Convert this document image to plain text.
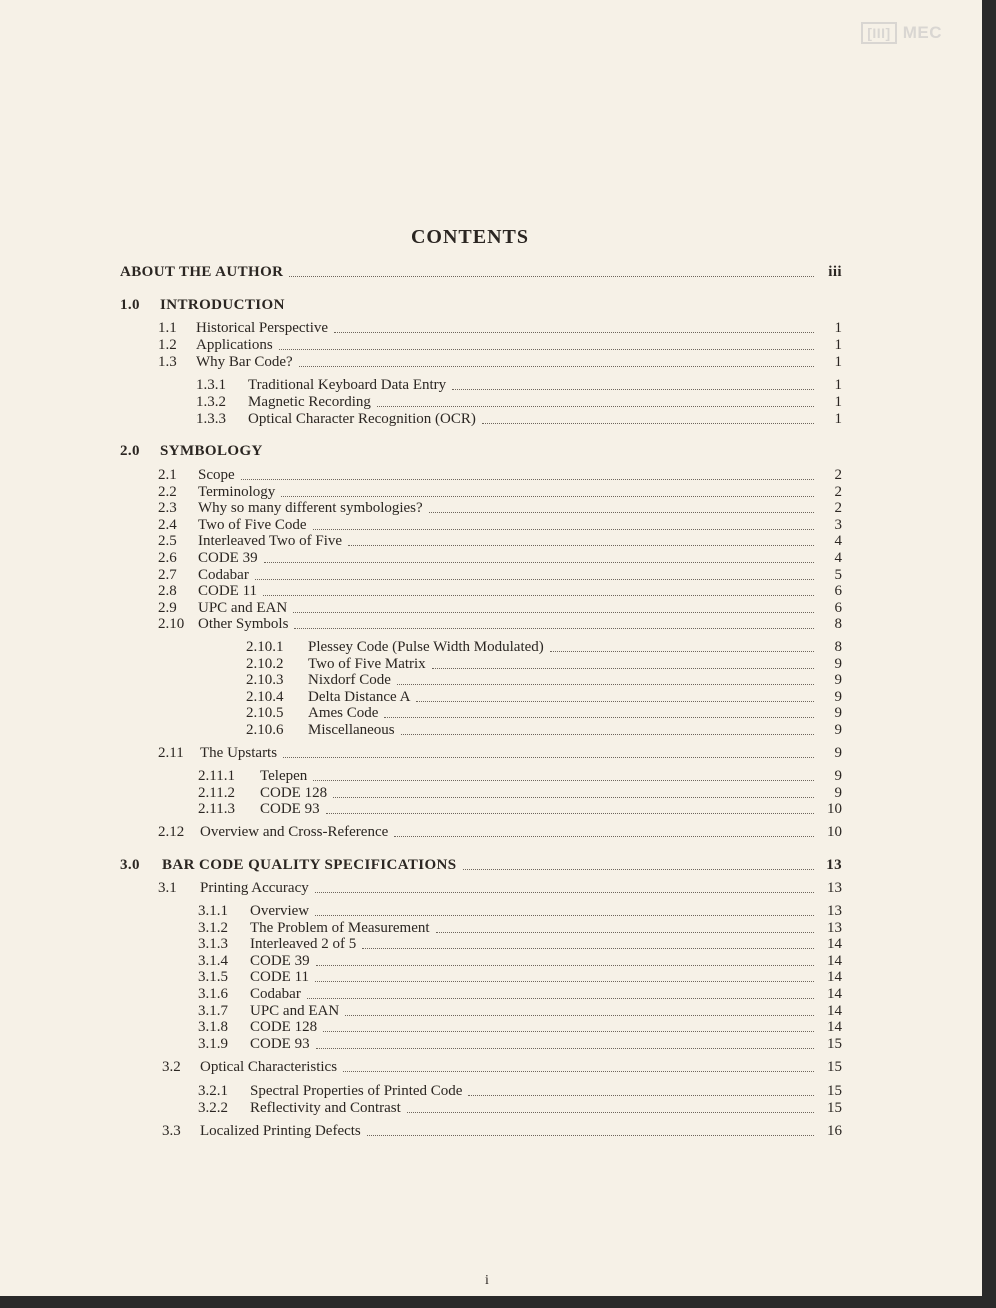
[III] MEC
CONTENTS
ABOUT THE AUTHOR	iii
1.0	INTRODUCTION
1.1	Historical Perspective	1
1.2	Applications	1
1.3	Why Bar Code?	1
1.3.1	Traditional Keyboard Data Entry	1
1.3.2	Magnetic Recording	1
1.3.3	Optical Character Recognition (OCR)	1
2.0	SYMBOLOGY
2.1	Scope	2
2.2	Terminology	2
2.3	Why so many different symbologies?	2
2.4	Two of Five Code	3
2.5	Interleaved Two of Five	4
2.6	CODE 39	4
2.7	Codabar	5
2.8	CODE 11	6
2.9	UPC and EAN	6
2.10 Other Symbols	8
2.10.1	Plessey Code (Pulse Width Modulated)	8
2.10.2	Two of Five Matrix	9
2.10.3	Nixdorf Code	9
2.10.4	Delta Distance A	9
2.10.5	Ames Code	9
2.10.6	Miscellaneous	9
2.11	The Upstarts	9
2.11.1	Telepen	9
2.11.2	CODE 128	9
2.11.3	CODE 93	10
2.12	Overview and Cross-Reference	10
3.0	BAR CODE QUALITY SPECIFICATIONS	13
3.1	Printing Accuracy	13
3.1.1	Overview	13
3.1.2	The Problem of Measurement	13
3.1.3	Interleaved 2 of 5	14
3.1.4	CODE 39	14
3.1.5	CODE 11	14
3.1.6	Codabar	14
3.1.7	UPC and EAN	14
3.1.8	CODE 128	14
3.1.9	CODE 93	15
3.2	Optical Characteristics	15
3.2.1	Spectral Properties of Printed Code	15
3.2.2	Reflectivity and Contrast	15
3.3	Localized Printing Defects	16
i
